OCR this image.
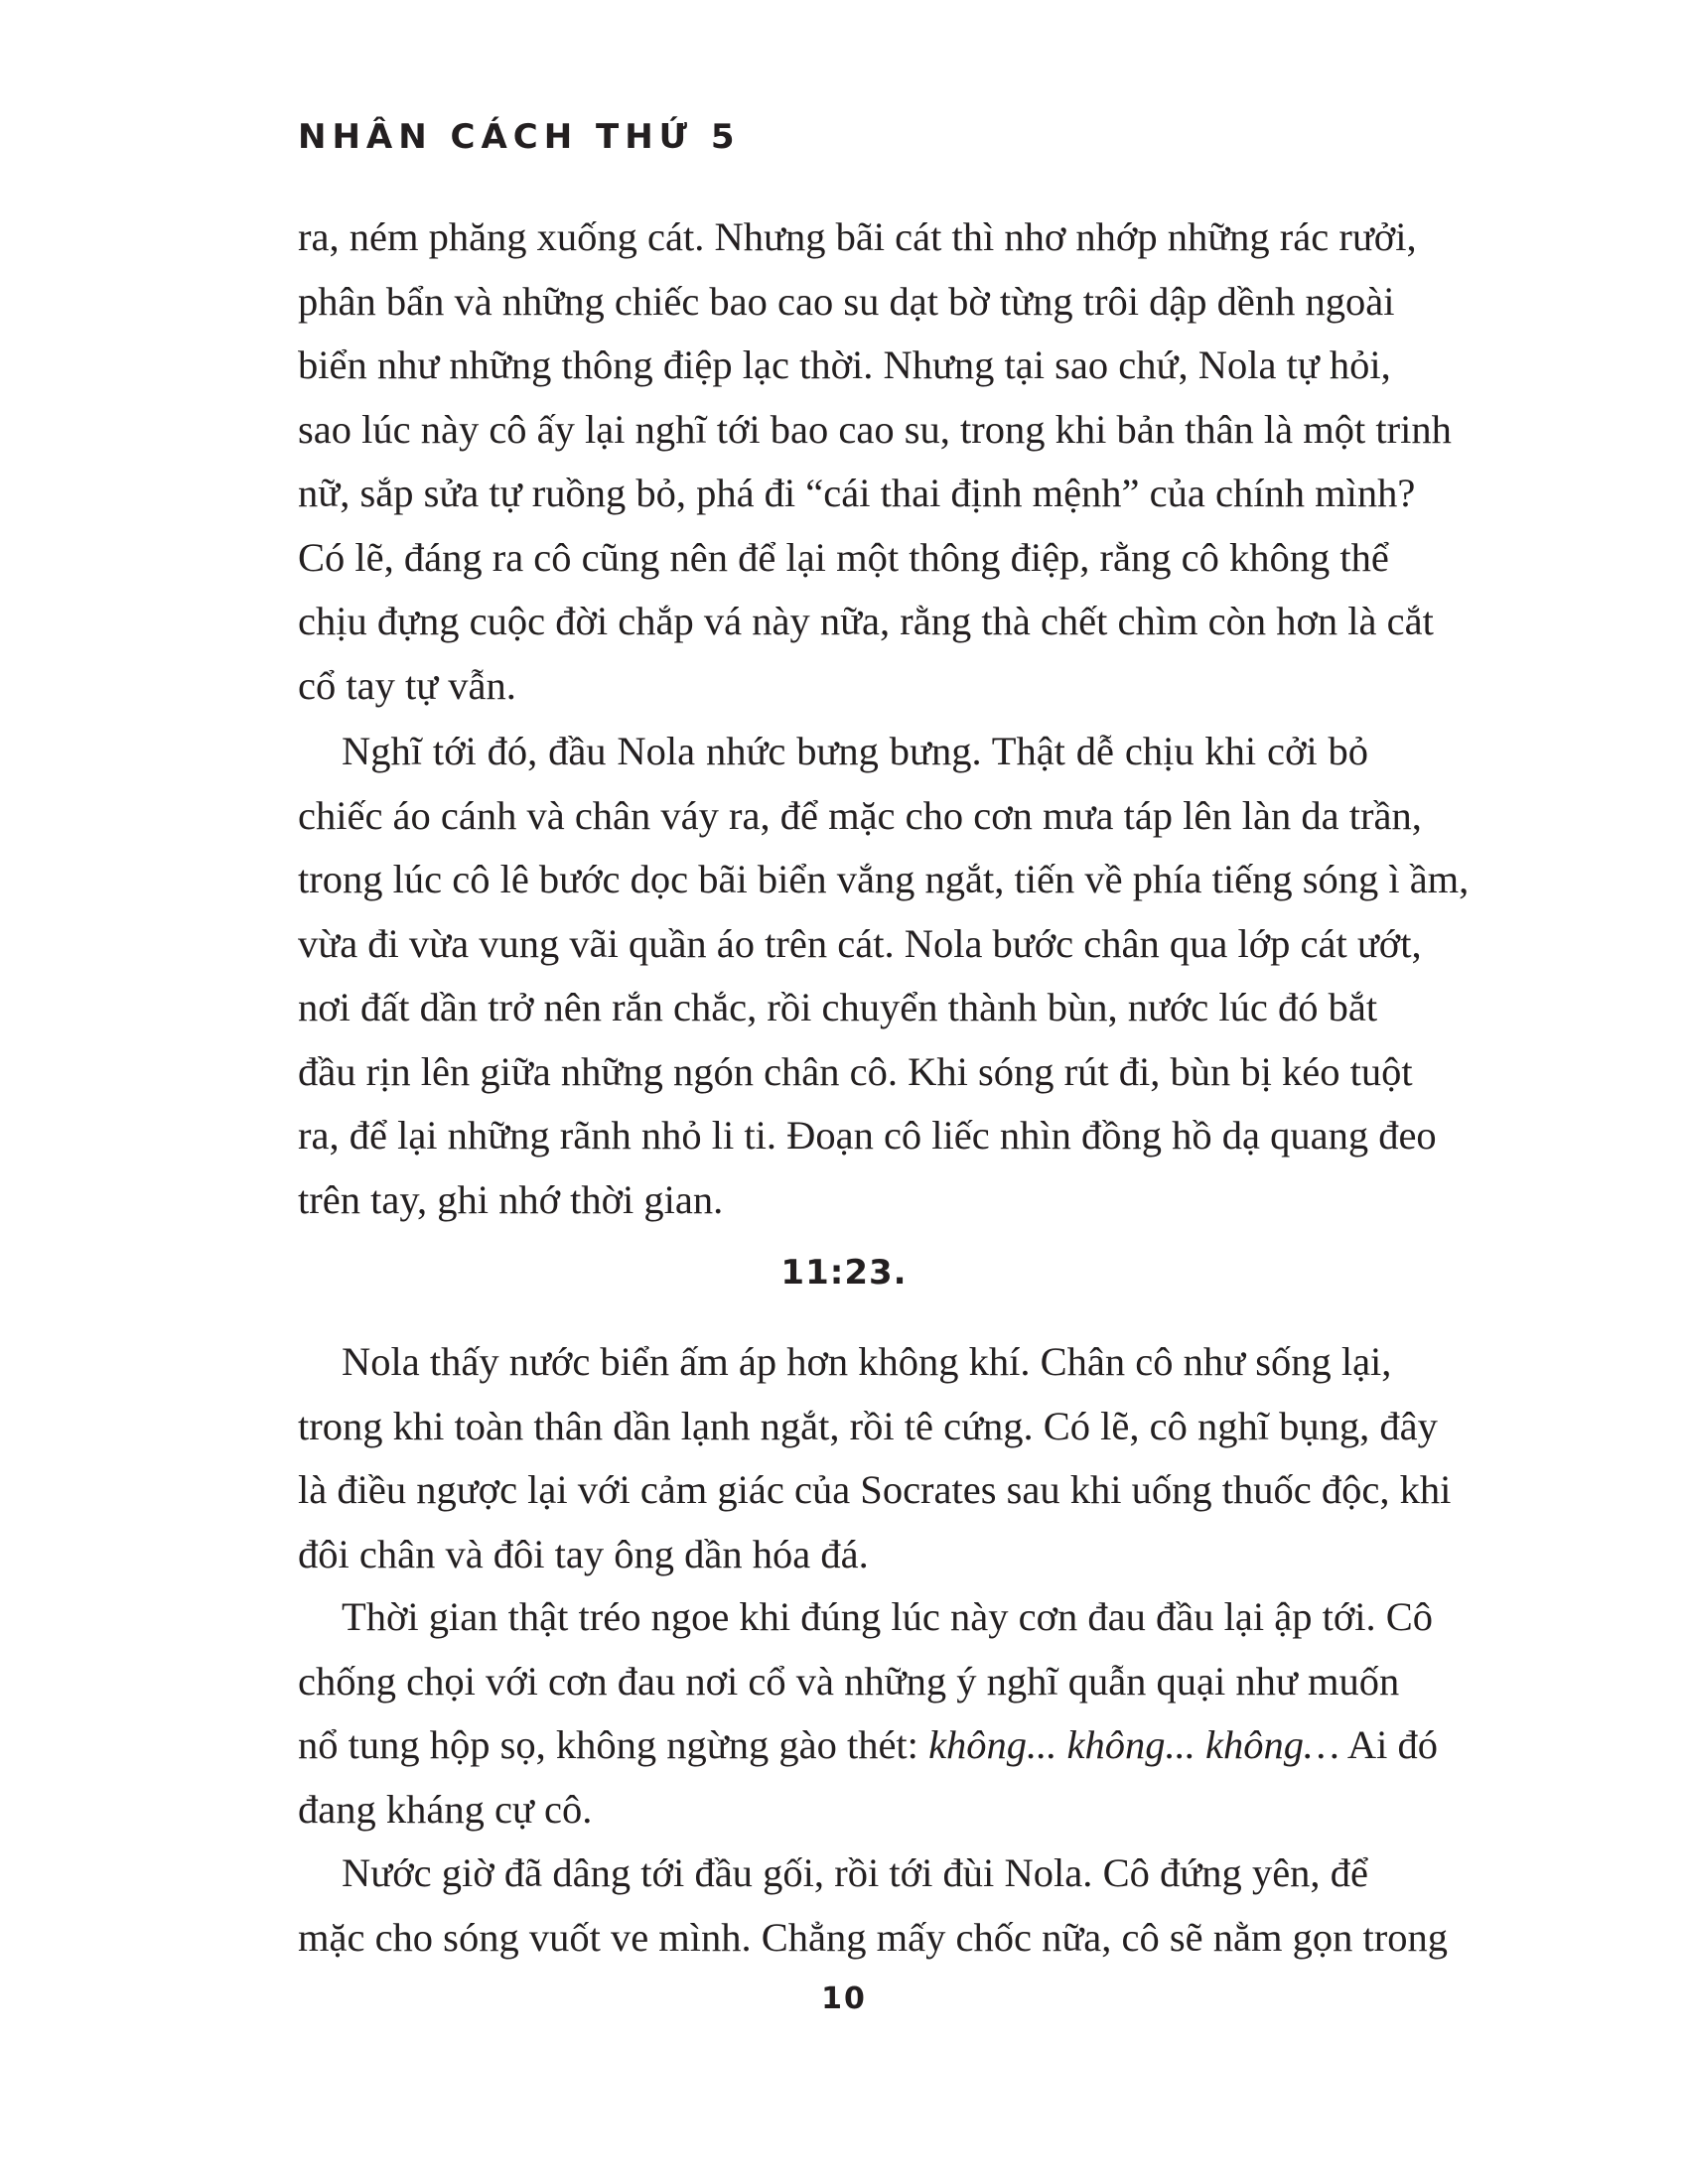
NHÂN CÁCH THỨ 5
ra, ném phăng xuống cát. Nhưng bãi cát thì nhơ nhớp những rác rưởi,
phân bẩn và những chiếc bao cao su dạt bờ từng trôi dập dềnh ngoài
biển như những thông điệp lạc thời. Nhưng tại sao chứ, Nola tự hỏi,
sao lúc này cô ấy lại nghĩ tới bao cao su, trong khi bản thân là một trinh
nữ, sắp sửa tự ruồng bỏ, phá đi “cái thai định mệnh” của chính mình?
Có lẽ, đáng ra cô cũng nên để lại một thông điệp, rằng cô không thể
chịu đựng cuộc đời chắp vá này nữa, rằng thà chết chìm còn hơn là cắt
cổ tay tự vẫn.
Nghĩ tới đó, đầu Nola nhức bưng bưng. Thật dễ chịu khi cởi bỏ
chiếc áo cánh và chân váy ra, để mặc cho cơn mưa táp lên làn da trần,
trong lúc cô lê bước dọc bãi biển vắng ngắt, tiến về phía tiếng sóng ì ầm,
vừa đi vừa vung vãi quần áo trên cát. Nola bước chân qua lớp cát ướt,
nơi đất dần trở nên rắn chắc, rồi chuyển thành bùn, nước lúc đó bắt
đầu rịn lên giữa những ngón chân cô. Khi sóng rút đi, bùn bị kéo tuột
ra, để lại những rãnh nhỏ li ti. Đoạn cô liếc nhìn đồng hồ dạ quang đeo
trên tay, ghi nhớ thời gian.
11:23.
Nola thấy nước biển ấm áp hơn không khí. Chân cô như sống lại,
trong khi toàn thân dần lạnh ngắt, rồi tê cứng. Có lẽ, cô nghĩ bụng, đây
là điều ngược lại với cảm giác của Socrates sau khi uống thuốc độc, khi
đôi chân và đôi tay ông dần hóa đá.
Thời gian thật tréo ngoe khi đúng lúc này cơn đau đầu lại ập tới. Cô
chống chọi với cơn đau nơi cổ và những ý nghĩ quẫn quại như muốn
nổ tung hộp sọ, không ngừng gào thét: không... không... không… Ai đó
đang kháng cự cô.
Nước giờ đã dâng tới đầu gối, rồi tới đùi Nola. Cô đứng yên, để
mặc cho sóng vuốt ve mình. Chẳng mấy chốc nữa, cô sẽ nằm gọn trong
10
